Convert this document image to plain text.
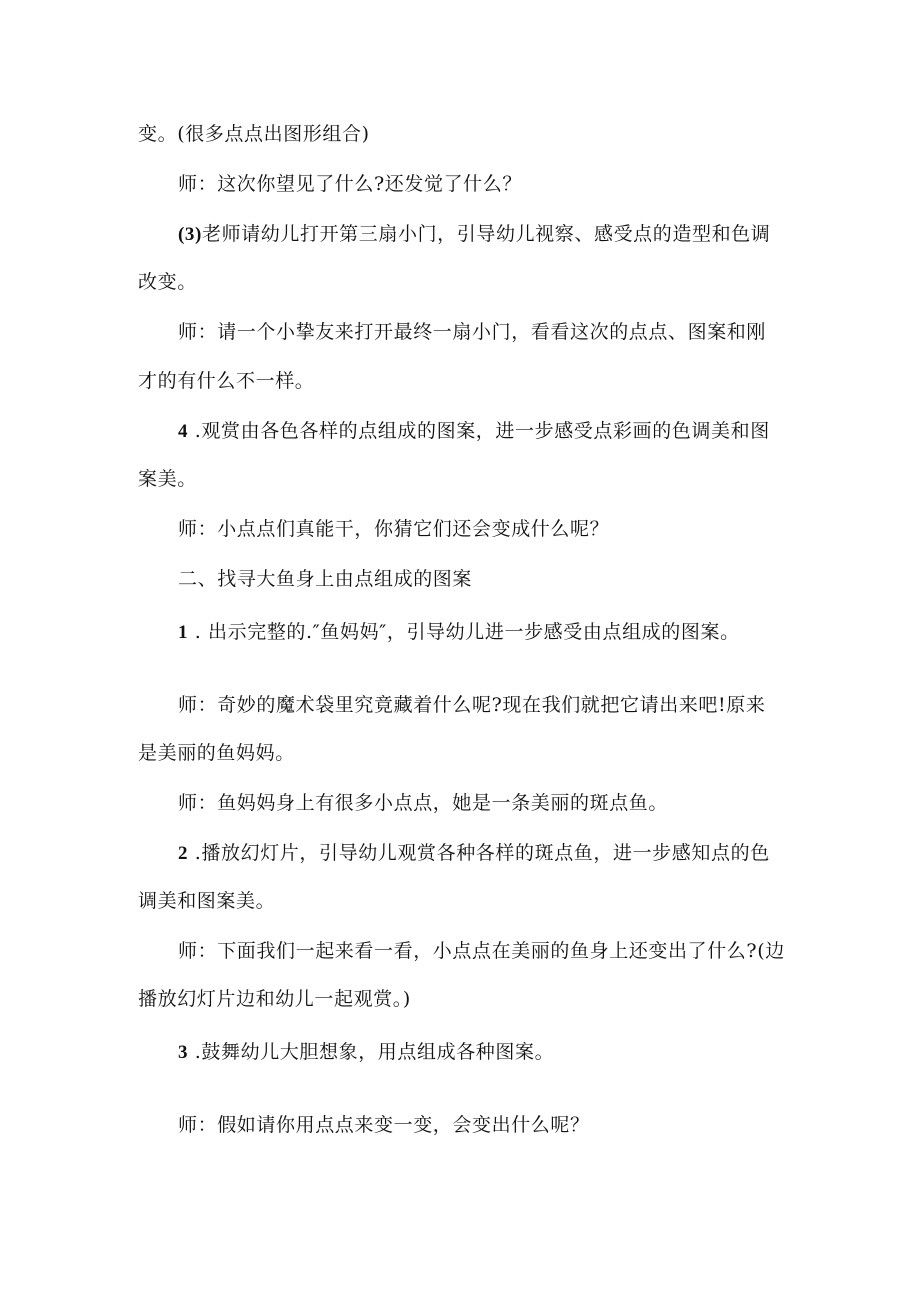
变。(很多点点出图形组合)
师：这次你望见了什么?还发觉了什么？
(3)老师请幼儿打开第三扇小门，引导幼儿视察、感受点的造型和色调
改变。
师：请一个小挚友来打开最终一扇小门，看看这次的点点、图案和刚
才的有什么不一样。
4 .观赏由各色各样的点组成的图案，进一步感受点彩画的色调美和图
案美。
师：小点点们真能干，你猜它们还会变成什么呢？
二、找寻大鱼身上由点组成的图案
1 . 出示完整的.″鱼妈妈″，引导幼儿进一步感受由点组成的图案。
师：奇妙的魔术袋里究竟藏着什么呢?现在我们就把它请出来吧!原来
是美丽的鱼妈妈。
师：鱼妈妈身上有很多小点点，她是一条美丽的斑点鱼。
2 .播放幻灯片，引导幼儿观赏各种各样的斑点鱼，进一步感知点的色
调美和图案美。
师：下面我们一起来看一看，小点点在美丽的鱼身上还变出了什么?(边
播放幻灯片边和幼儿一起观赏。)
3 .鼓舞幼儿大胆想象，用点组成各种图案。
师：假如请你用点点来变一变，会变出什么呢？
